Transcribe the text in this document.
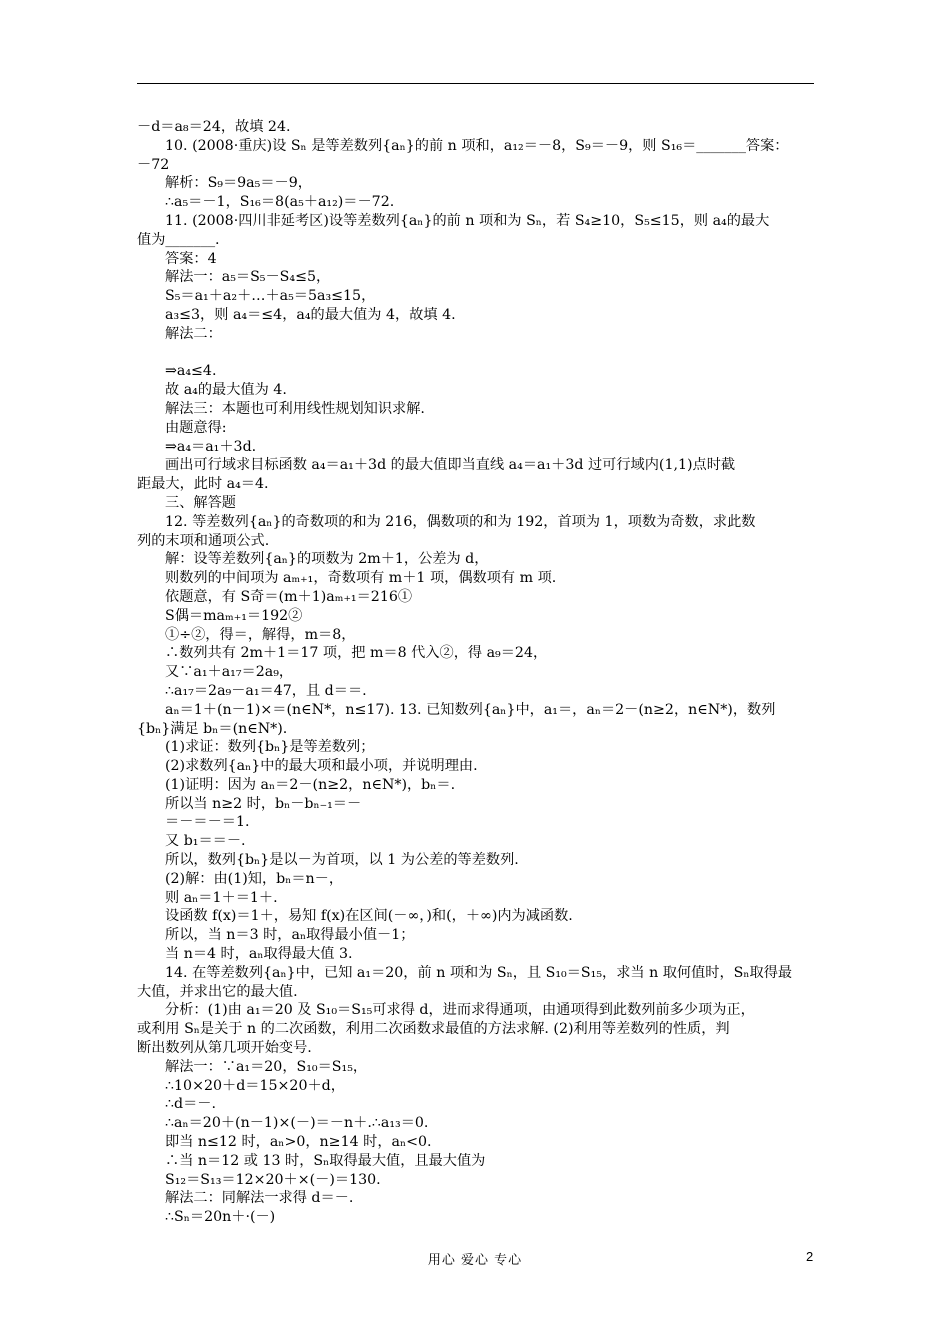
－d＝a₈＝24，故填 24.
10. (2008·重庆)设 Sₙ 是等差数列{aₙ}的前 n 项和，a₁₂＝－8，S₉＝－9，则 S₁₆＝_______答案：
－72
解析：S₉＝9a₅＝－9，
∴a₅＝－1，S₁₆＝8(a₅＋a₁₂)＝－72.
11. (2008·四川非延考区)设等差数列{aₙ}的前 n 项和为 Sₙ，若 S₄≥10，S₅≤15，则 a₄的最大
值为_______.
答案：4
解法一：a₅＝S₅－S₄≤5，
S₅＝a₁＋a₂＋…＋a₅＝5a₃≤15，
a₃≤3，则 a₄＝≤4，a₄的最大值为 4，故填 4.
解法二：
⇒a₄≤4.
故 a₄的最大值为 4.
解法三：本题也可利用线性规划知识求解.
由题意得:
⇒a₄＝a₁＋3d.
画出可行域求目标函数 a₄＝a₁＋3d 的最大值即当直线 a₄＝a₁＋3d 过可行域内(1,1)点时截
距最大，此时 a₄＝4.
三、解答题
12. 等差数列{aₙ}的奇数项的和为 216，偶数项的和为 192，首项为 1，项数为奇数，求此数
列的末项和通项公式.
解：设等差数列{aₙ}的项数为 2m＋1，公差为 d，
则数列的中间项为 aₘ₊₁，奇数项有 m＋1 项，偶数项有 m 项.
依题意，有 S奇＝(m＋1)aₘ₊₁＝216①
S偶＝maₘ₊₁＝192②
①÷②，得＝，解得，m＝8，
∴数列共有 2m＋1＝17 项，把 m＝8 代入②，得 a₉＝24，
又∵a₁＋a₁₇＝2a₉，
∴a₁₇＝2a₉－a₁＝47，且 d＝＝.
aₙ＝1＋(n－1)×＝(n∈N*，n≤17). 13. 已知数列{aₙ}中，a₁＝，aₙ＝2－(n≥2，n∈N*)，数列
{bₙ}满足 bₙ＝(n∈N*).
(1)求证：数列{bₙ}是等差数列；
(2)求数列{aₙ}中的最大项和最小项，并说明理由.
(1)证明：因为 aₙ＝2－(n≥2，n∈N*)，bₙ＝.
所以当 n≥2 时，bₙ－bₙ₋₁＝－
＝－＝－＝1.
又 b₁＝＝－.
所以，数列{bₙ}是以－为首项，以 1 为公差的等差数列.
(2)解：由(1)知，bₙ＝n－，
则 aₙ＝1＋＝1＋.
设函数 f(x)＝1＋，易知 f(x)在区间(－∞，)和(，＋∞)内为减函数.
所以，当 n＝3 时，aₙ取得最小值－1；
当 n＝4 时，aₙ取得最大值 3.
14. 在等差数列{aₙ}中，已知 a₁＝20，前 n 项和为 Sₙ，且 S₁₀＝S₁₅，求当 n 取何值时，Sₙ取得最
大值，并求出它的最大值.
分析：(1)由 a₁＝20 及 S₁₀＝S₁₅可求得 d，进而求得通项，由通项得到此数列前多少项为正，
或利用 Sₙ是关于 n 的二次函数，利用二次函数求最值的方法求解. (2)利用等差数列的性质，判
断出数列从第几项开始变号.
解法一：∵a₁＝20，S₁₀＝S₁₅，
∴10×20＋d＝15×20＋d，
∴d＝－.
∴aₙ＝20＋(n－1)×(－)＝－n＋.∴a₁₃＝0.
即当 n≤12 时，aₙ>0，n≥14 时，aₙ<0.
∴当 n＝12 或 13 时，Sₙ取得最大值，且最大值为
S₁₂＝S₁₃＝12×20＋×(－)＝130.
解法二：同解法一求得 d＝－.
∴Sₙ＝20n＋·(－)
用心 爱心 专心	2
